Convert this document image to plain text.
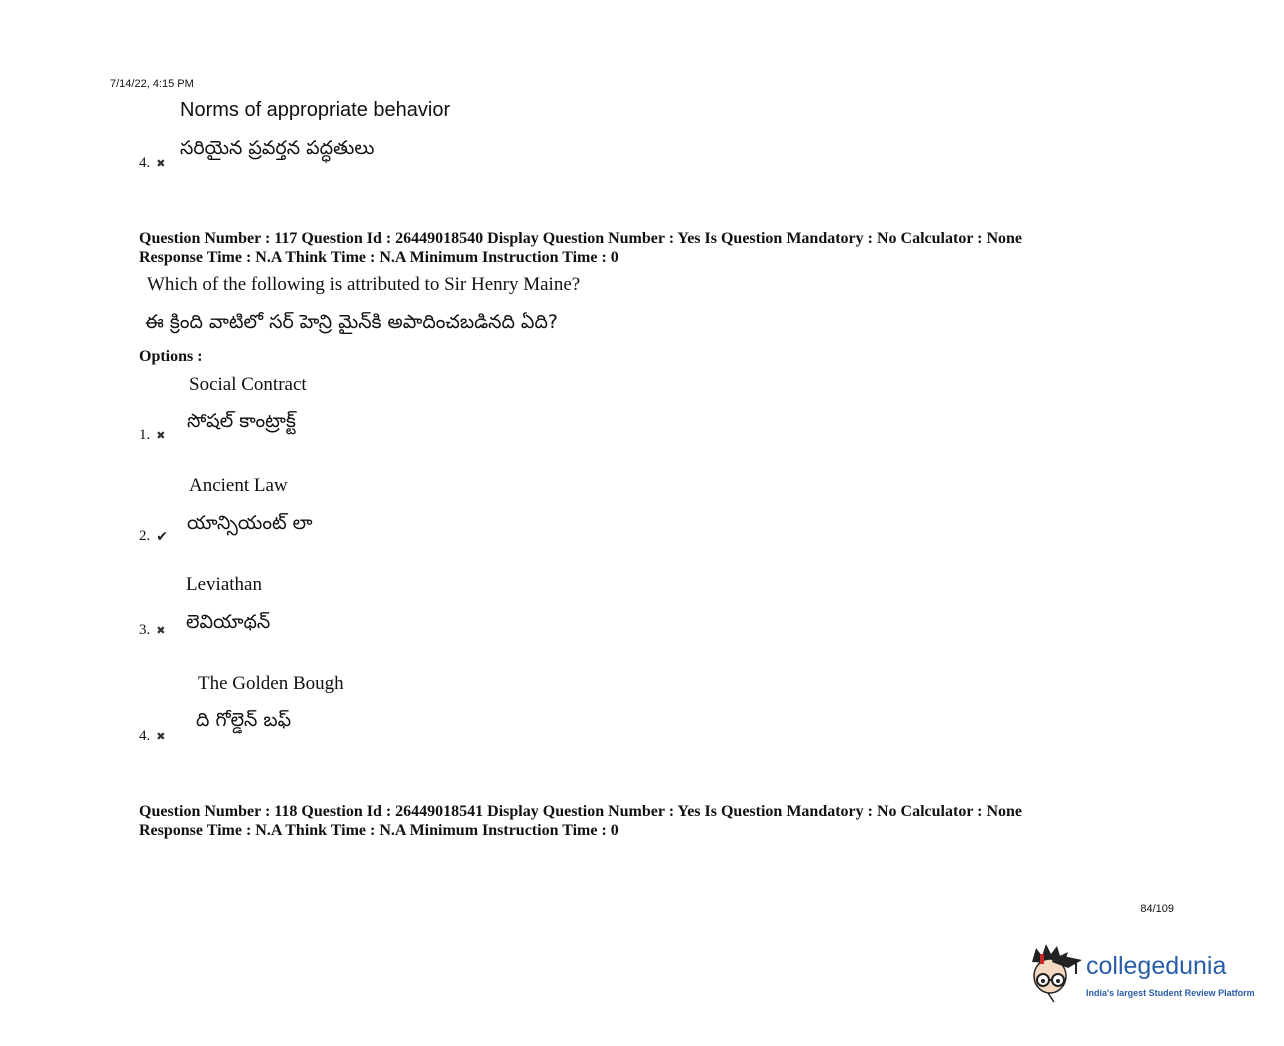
7/14/22, 4:15 PM
Norms of appropriate behavior
సరియైన ప్రవర్తన పద్ధతులు
4. ✖
Question Number : 117 Question Id : 26449018540 Display Question Number : Yes Is Question Mandatory : No Calculator : None
Response Time : N.A Think Time : N.A Minimum Instruction Time : 0
Which of the following is attributed to Sir Henry Maine?
ఈ క్రింది వాటిలో సర్ హెన్రి మైన్‌కి అపాదించబడినది ఏది?
Options :
Social Contract
సోషల్ కాంట్రాక్ట్
1. ✖
Ancient Law
యాన్సియంట్ లా
2. ✔
Leviathan
లెవియాథన్
3. ✖
The Golden Bough
ది గోల్డెన్ బఫ్
4. ✖
Question Number : 118 Question Id : 26449018541 Display Question Number : Yes Is Question Mandatory : No Calculator : None
Response Time : N.A Think Time : N.A Minimum Instruction Time : 0
84/109
collegedunia
India's largest Student Review Platform
